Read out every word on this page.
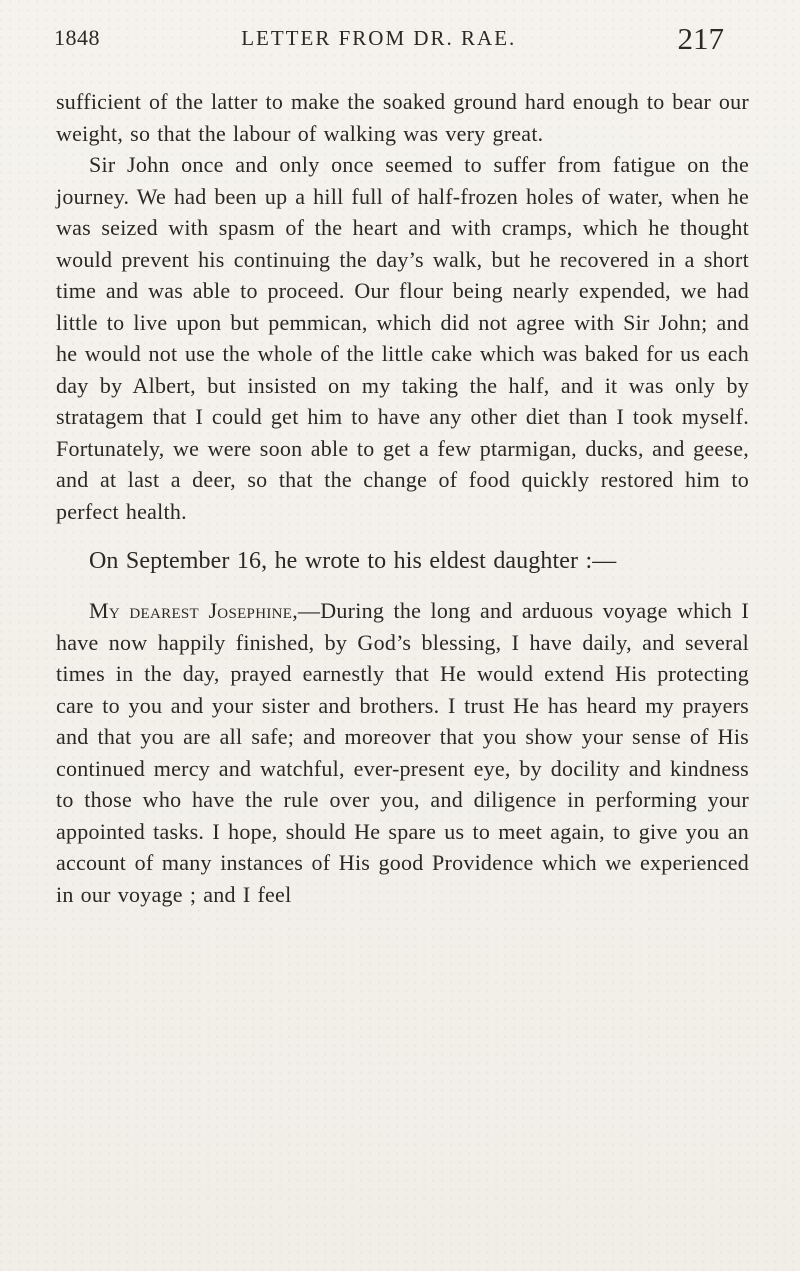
1848	LETTER FROM DR. RAE.	217

sufficient of the latter to make the soaked ground hard enough to bear our weight, so that the labour of walking was very great.

Sir John once and only once seemed to suffer from fatigue on the journey. We had been up a hill full of half-frozen holes of water, when he was seized with spasm of the heart and with cramps, which he thought would prevent his continuing the day’s walk, but he recovered in a short time and was able to proceed. Our flour being nearly expended, we had little to live upon but pemmican, which did not agree with Sir John; and he would not use the whole of the little cake which was baked for us each day by Albert, but insisted on my taking the half, and it was only by stratagem that I could get him to have any other diet than I took myself. Fortunately, we were soon able to get a few ptarmigan, ducks, and geese, and at last a deer, so that the change of food quickly restored him to perfect health.

On September 16, he wrote to his eldest daughter :—

My dearest Josephine,—During the long and arduous voyage which I have now happily finished, by God’s blessing, I have daily, and several times in the day, prayed earnestly that He would extend His protecting care to you and your sister and brothers. I trust He has heard my prayers and that you are all safe; and moreover that you show your sense of His continued mercy and watchful, ever-present eye, by docility and kindness to those who have the rule over you, and diligence in performing your appointed tasks. I hope, should He spare us to meet again, to give you an account of many instances of His good Providence which we experienced in our voyage ; and I feel
